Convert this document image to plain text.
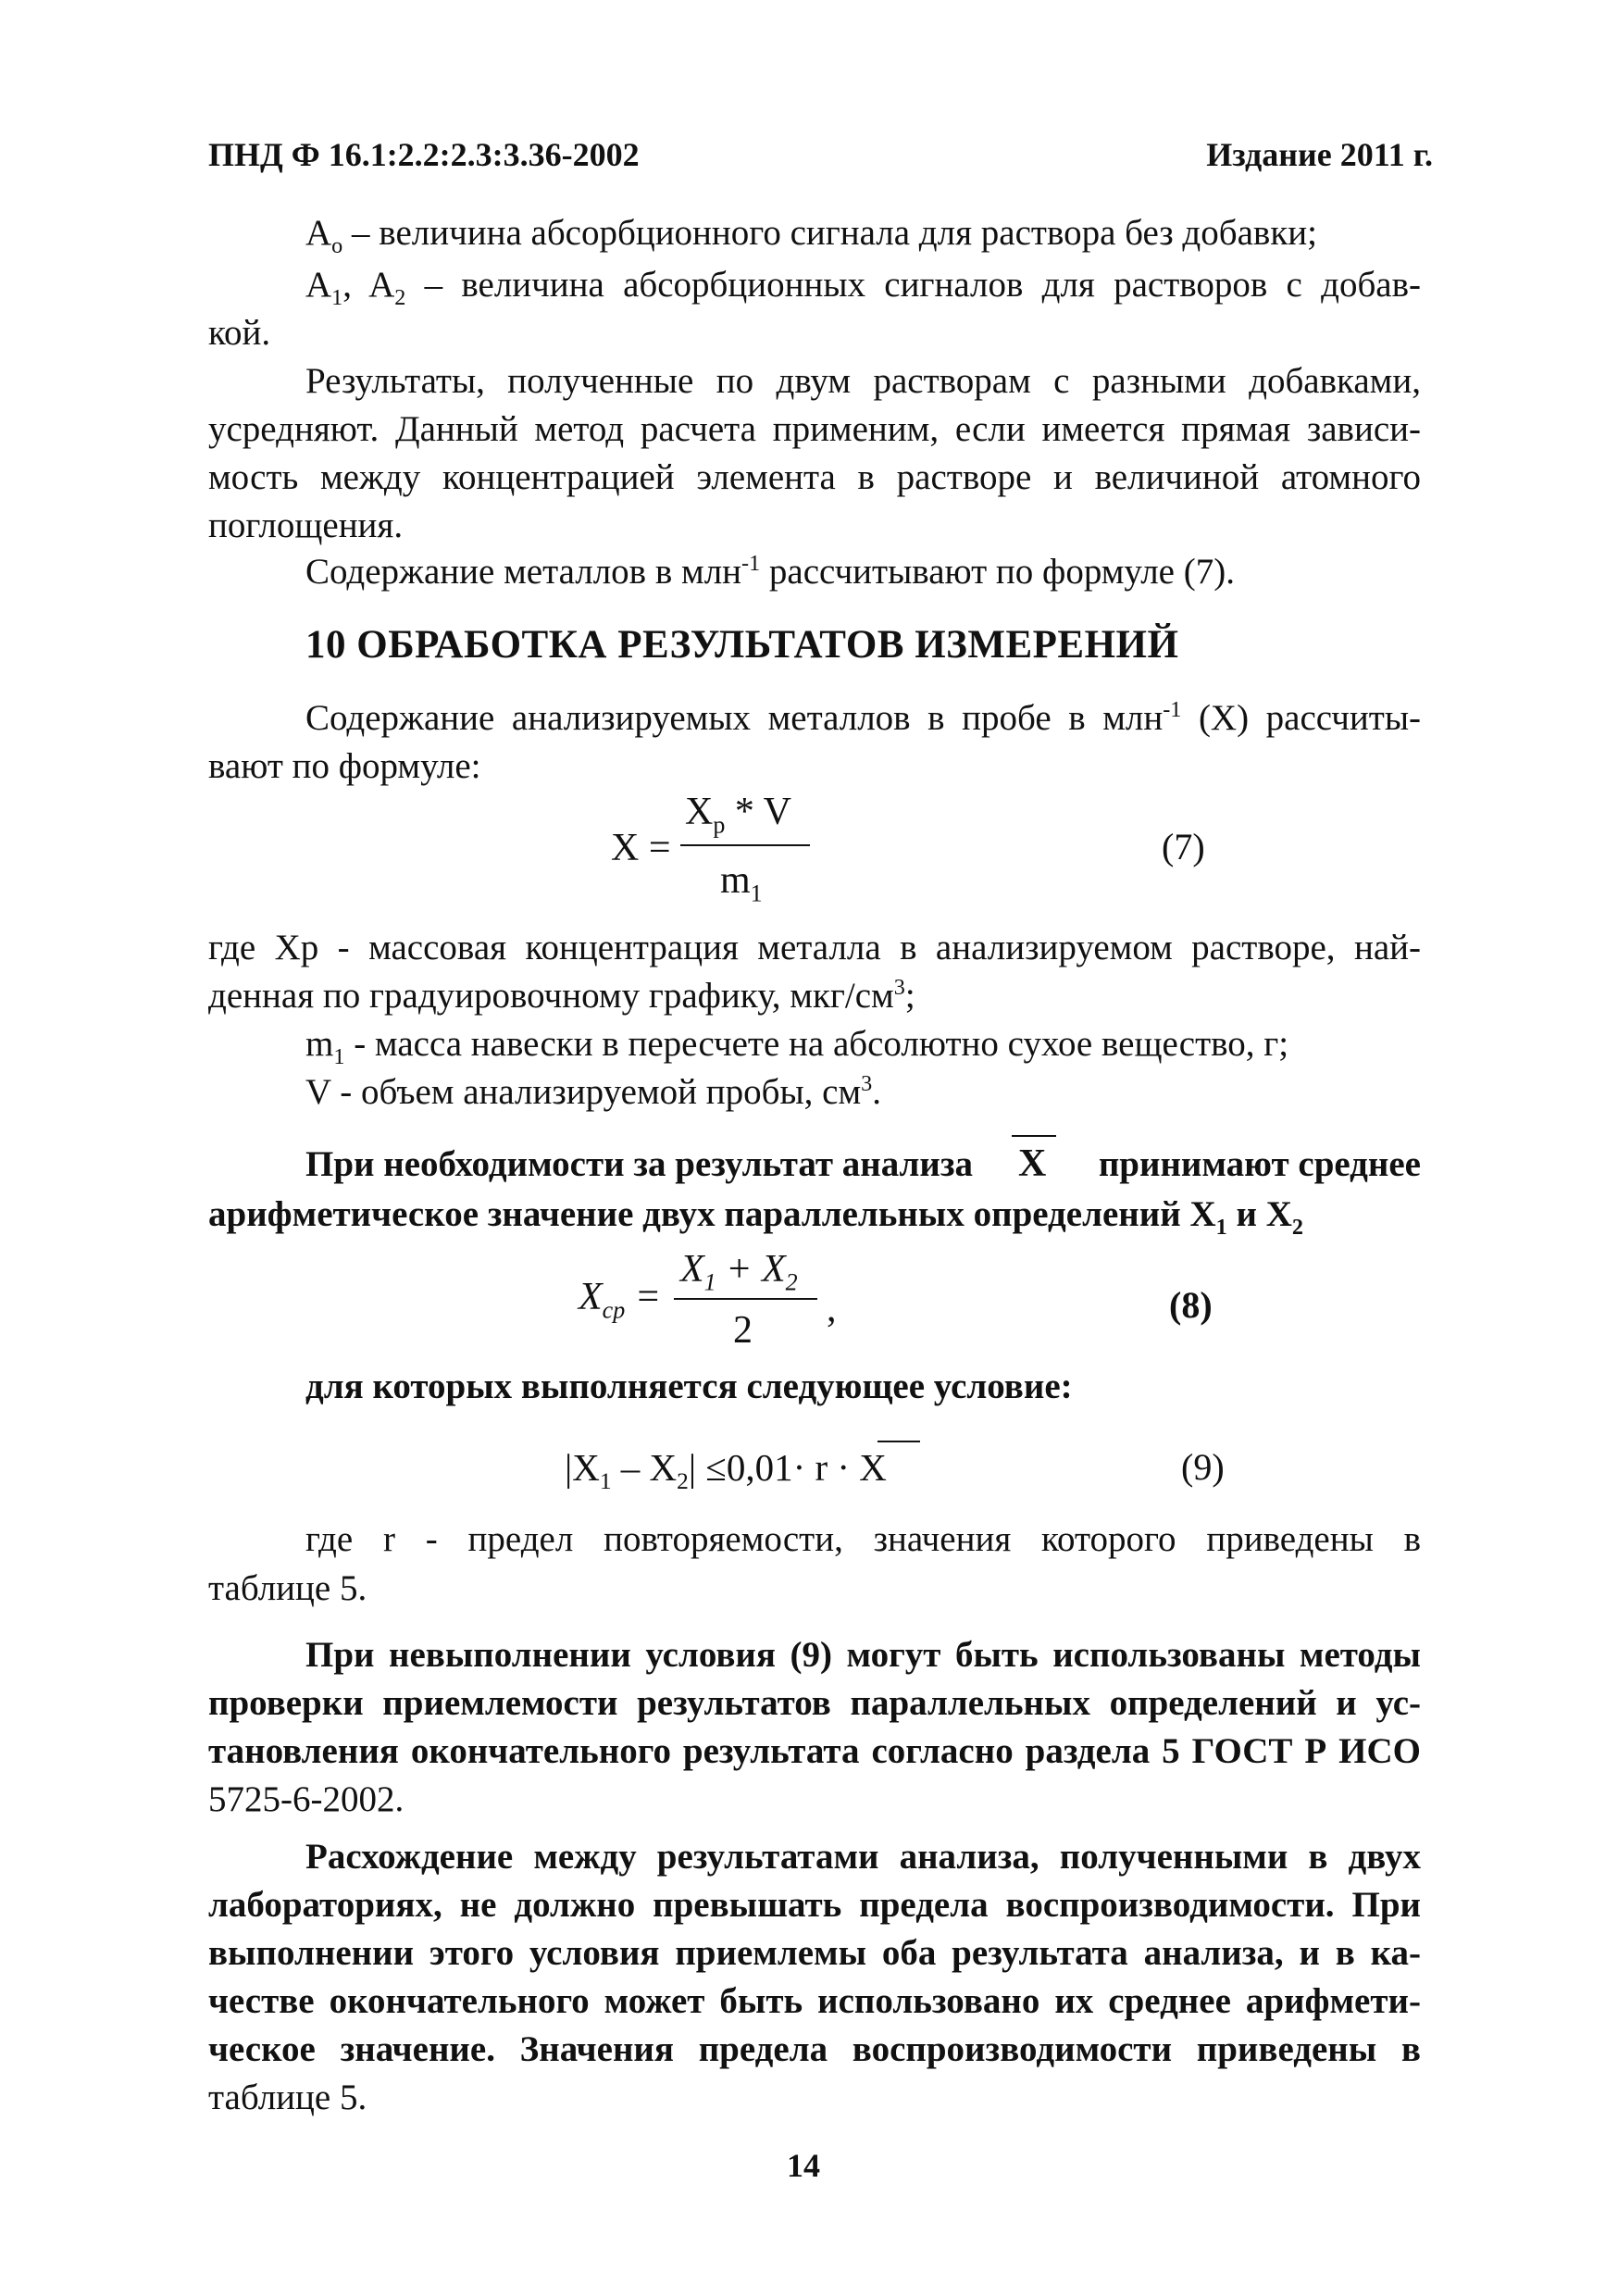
ПНД Ф 16.1:2.2:2.3:3.36-2002	Издание 2011 г.
$A_o$ – величина абсорбционного сигнала для раствора без добавки;
$A_1$, $A_2$ – величина абсорбционных сигналов для растворов с добав-
кой.
Результаты, полученные по двум растворам с разными добавками,
усредняют. Данный метод расчета применим, если имеется прямая зависи-
мость между концентрацией элемента в растворе и величиной атомного
поглощения.
Содержание металлов в млн$^{-1}$ рассчитывают по формуле (7).
10 ОБРАБОТКА РЕЗУЛЬТАТОВ ИЗМЕРЕНИЙ
Содержание анализируемых металлов в пробе в млн$^{-1}$ (X) рассчиты-
вают по формуле:
X =
$X_p$ * V
$m_1$
(7)
где Xp - массовая концентрация металла в анализируемом растворе, най-
денная по градуировочному графику, мкг/$см^3$;
$m_1$ - масса навески в пересчете на абсолютно сухое вещество, г;
V - объем анализируемой пробы, $см^3$.
При необходимости за результат анализа X принимают среднее
арифметическое значение двух параллельных определений $X_1$ и $X_2$
$X_{cp}$ =
$X_1 + X_2$
2 ,	(8)
для которых выполняется следующее условие:
$|X_1 - X_2| \le 0,01\cdot r \cdot X$	(9)
где r - предел повторяемости, значения которого приведены в
таблице 5.
При невыполнении условия (9) могут быть использованы методы
проверки приемлемости результатов параллельных определений и ус-
тановления окончательного результата согласно раздела 5 ГОСТ Р ИСО
5725-6-2002.
Расхождение между результатами анализа, полученными в двух
лабораториях, не должно превышать предела воспроизводимости. При
выполнении этого условия приемлемы оба результата анализа, и в ка-
честве окончательного может быть использовано их среднее арифмети-
ческое значение. Значения предела воспроизводимости приведены в
таблице 5.
14
